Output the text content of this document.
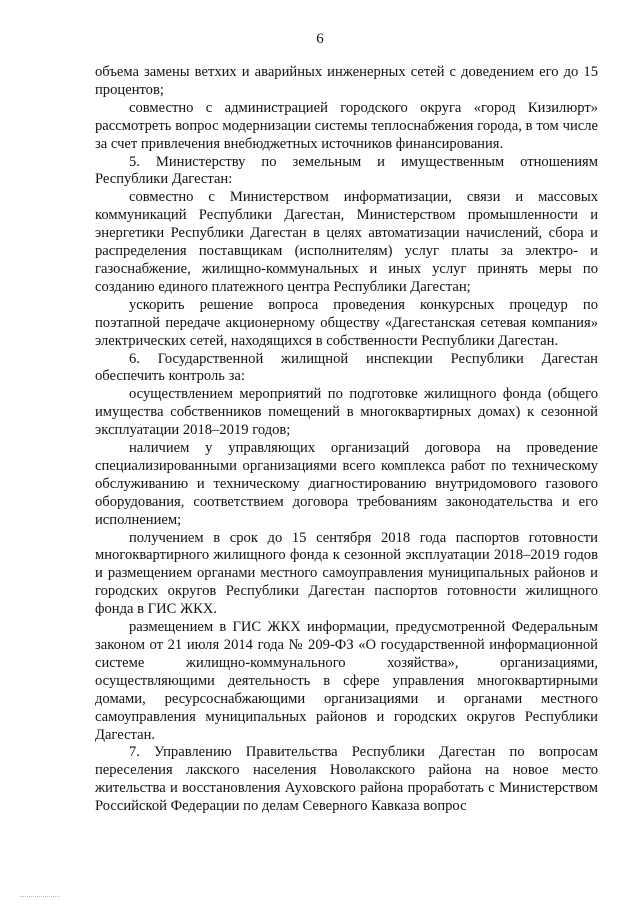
6

объема замены ветхих и аварийных инженерных сетей с доведением его до 15 процентов;

совместно с администрацией городского округа «город Кизилюрт» рассмотреть вопрос модернизации системы теплоснабжения города, в том числе за счет привлечения внебюджетных источников финансирования.

5. Министерству по земельным и имущественным отношениям Республики Дагестан:

совместно с Министерством информатизации, связи и массовых коммуникаций Республики Дагестан, Министерством промышленности и энергетики Республики Дагестан в целях автоматизации начислений, сбора и распределения поставщикам (исполнителям) услуг платы за электро- и газоснабжение, жилищно-коммунальных и иных услуг принять меры по созданию единого платежного центра Республики Дагестан;

ускорить решение вопроса проведения конкурсных процедур по поэтапной передаче акционерному обществу «Дагестанская сетевая компания» электрических сетей, находящихся в собственности Республики Дагестан.

6. Государственной жилищной инспекции Республики Дагестан обеспечить контроль за:

осуществлением мероприятий по подготовке жилищного фонда (общего имущества собственников помещений в многоквартирных домах) к сезонной эксплуатации 2018–2019 годов;

наличием у управляющих организаций договора на проведение специализированными организациями всего комплекса работ по техническому обслуживанию и техническому диагностированию внутридомового газового оборудования, соответствием договора требованиям законодательства и его исполнением;

получением в срок до 15 сентября 2018 года паспортов готовности многоквартирного жилищного фонда к сезонной эксплуатации 2018–2019 годов и размещением органами местного самоуправления муниципальных районов и городских округов Республики Дагестан паспортов готовности жилищного фонда в ГИС ЖКХ.

размещением в ГИС ЖКХ информации, предусмотренной Федеральным законом от 21 июля 2014 года № 209-ФЗ «О государственной информационной системе жилищно-коммунального хозяйства», организациями, осуществляющими деятельность в сфере управления многоквартирными домами, ресурсоснабжающими организациями и органами местного самоуправления муниципальных районов и городских округов Республики Дагестан.

7. Управлению Правительства Республики Дагестан по вопросам переселения лакского населения Новолакского района на новое место жительства и восстановления Ауховского района проработать с Министерством Российской Федерации по делам Северного Кавказа вопрос
